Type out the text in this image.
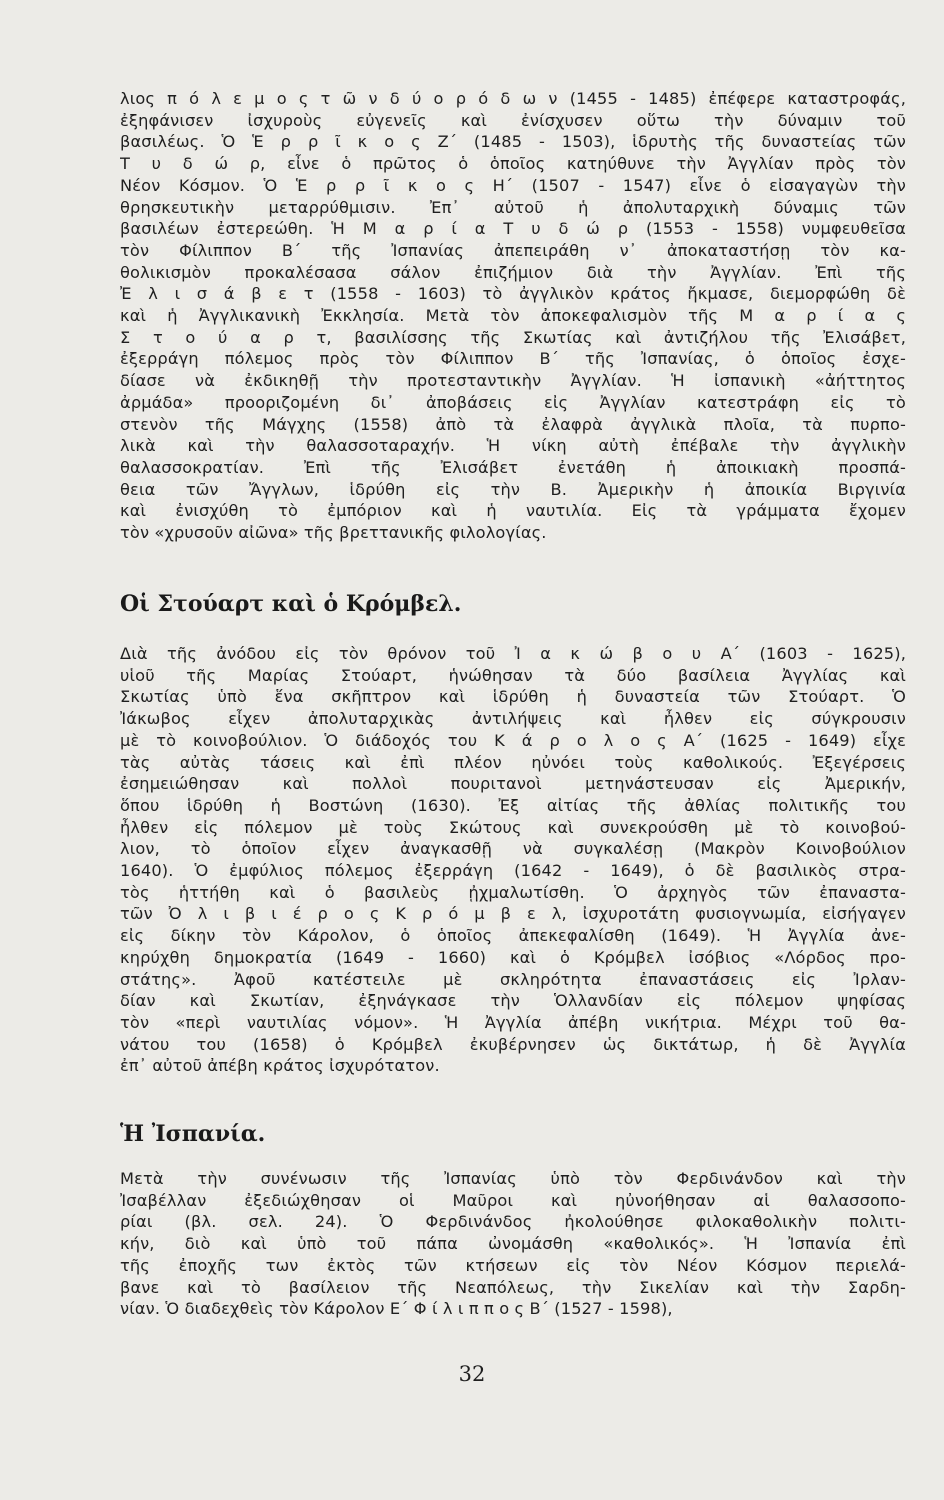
λιος π ό λ ε μ ο ς τ ῶ ν δ ύ ο ρ ό δ ω ν (1455 - 1485) ἐπέφερε καταστροφάς,
ἐξηφάνισεν ἰσχυροὺς εὐγενεῖς καὶ ἐνίσχυσεν οὕτω τὴν δύναμιν τοῦ
βασιλέως. Ὁ Ἑ ρ ρ ῖ κ ο ς Ζ΄ (1485 - 1503), ἱδρυτὴς τῆς δυναστείας τῶν
Τ υ δ ώ ρ, εἶνε ὁ πρῶτος ὁ ὁποῖος κατηύθυνε τὴν Ἀγγλίαν πρὸς τὸν
Νέον Κόσμον. Ὁ Ἑ ρ ρ ῖ κ ο ς Η΄ (1507 - 1547) εἶνε ὁ εἰσαγαγὼν τὴν
θρησκευτικὴν μεταρρύθμισιν. Ἐπ᾽ αὐτοῦ ἡ ἀπολυταρχικὴ δύναμις τῶν
βασιλέων ἐστερεώθη. Ἡ Μ α ρ ί α Τ υ δ ώ ρ (1553 - 1558) νυμφευθεῖσα
τὸν Φίλιππον Β΄ τῆς Ἰσπανίας ἀπεπειράθη ν᾽ ἀποκαταστήσῃ τὸν κα-
θολικισμὸν προκαλέσασα σάλον ἐπιζήμιον διὰ τὴν Ἀγγλίαν. Ἐπὶ τῆς
Ἐ λ ι σ ά β ε τ (1558 - 1603) τὸ ἀγγλικὸν κράτος ἤκμασε, διεμορφώθη δὲ
καὶ ἡ Ἀγγλικανικὴ Ἐκκλησία. Μετὰ τὸν ἀποκεφαλισμὸν τῆς Μ α ρ ί α ς
Σ τ ο ύ α ρ τ, βασιλίσσης τῆς Σκωτίας καὶ ἀντιζήλου τῆς Ἐλισάβετ,
ἐξερράγη πόλεμος πρὸς τὸν Φίλιππον Β΄ τῆς Ἰσπανίας, ὁ ὁποῖος ἐσχε-
δίασε νὰ ἐκδικηθῇ τὴν προτεσταντικὴν Ἀγγλίαν. Ἡ ἰσπανικὴ «ἀήττητος
ἀρμάδα» προοριζομένη δι᾽ ἀποβάσεις εἰς Ἀγγλίαν κατεστράφη εἰς τὸ
στενὸν τῆς Μάγχης (1558) ἀπὸ τὰ ἐλαφρὰ ἀγγλικὰ πλοῖα, τὰ πυρπο-
λικὰ καὶ τὴν θαλασσοταραχήν. Ἡ νίκη αὐτὴ ἐπέβαλε τὴν ἀγγλικὴν
θαλασσοκρατίαν. Ἐπὶ τῆς Ἐλισάβετ ἐνετάθη ἡ ἀποικιακὴ προσπά-
θεια τῶν Ἄγγλων, ἱδρύθη εἰς τὴν Β. Ἀμερικὴν ἡ ἀποικία Βιργινία
καὶ ἐνισχύθη τὸ ἐμπόριον καὶ ἡ ναυτιλία. Εἰς τὰ γράμματα ἔχομεν
τὸν «χρυσοῦν αἰῶνα» τῆς βρεττανικῆς φιλολογίας.
Οἱ Στούαρτ καὶ ὁ Κρόμβελ.
Διὰ τῆς ἀνόδου εἰς τὸν θρόνον τοῦ Ἰ α κ ώ β ο υ Α΄ (1603 - 1625),
υἱοῦ τῆς Μαρίας Στούαρτ, ἡνώθησαν τὰ δύο βασίλεια Ἀγγλίας καὶ
Σκωτίας ὑπὸ ἕνα σκῆπτρον καὶ ἱδρύθη ἡ δυναστεία τῶν Στούαρτ. Ὁ
Ἰάκωβος εἶχεν ἀπολυταρχικὰς ἀντιλήψεις καὶ ἦλθεν εἰς σύγκρουσιν
μὲ τὸ κοινοβούλιον. Ὁ διάδοχός του Κ ά ρ ο λ ο ς Α΄ (1625 - 1649) εἶχε
τὰς αὐτὰς τάσεις καὶ ἐπὶ πλέον ηὐνόει τοὺς καθολικούς. Ἐξεγέρσεις
ἐσημειώθησαν καὶ πολλοὶ πουριτανοὶ μετηνάστευσαν εἰς Ἀμερικήν,
ὅπου ἱδρύθη ἡ Βοστώνη (1630). Ἐξ αἰτίας τῆς ἀθλίας πολιτικῆς του
ἦλθεν εἰς πόλεμον μὲ τοὺς Σκώτους καὶ συνεκρούσθη μὲ τὸ κοινοβού-
λιον, τὸ ὁποῖον εἶχεν ἀναγκασθῇ νὰ συγκαλέσῃ (Μακρὸν Κοινοβούλιον
1640). Ὁ ἐμφύλιος πόλεμος ἐξερράγη (1642 - 1649), ὁ δὲ βασιλικὸς στρα-
τὸς ἡττήθη καὶ ὁ βασιλεὺς ᾐχμαλωτίσθη. Ὁ ἀρχηγὸς τῶν ἐπαναστα-
τῶν Ὀ λ ι β ι έ ρ ο ς Κ ρ ό μ β ε λ, ἰσχυροτάτη φυσιογνωμία, εἰσήγαγεν
εἰς δίκην τὸν Κάρολον, ὁ ὁποῖος ἀπεκεφαλίσθη (1649). Ἡ Ἀγγλία ἀνε-
κηρύχθη δημοκρατία (1649 - 1660) καὶ ὁ Κρόμβελ ἰσόβιος «Λόρδος προ-
στάτης». Ἀφοῦ κατέστειλε μὲ σκληρότητα ἐπαναστάσεις εἰς Ἰρλαν-
δίαν καὶ Σκωτίαν, ἐξηνάγκασε τὴν Ὁλλανδίαν εἰς πόλεμον ψηφίσας
τὸν «περὶ ναυτιλίας νόμον». Ἡ Ἀγγλία ἀπέβη νικήτρια. Μέχρι τοῦ θα-
νάτου του (1658) ὁ Κρόμβελ ἐκυβέρνησεν ὡς δικτάτωρ, ἡ δὲ Ἀγγλία
ἐπ᾽ αὐτοῦ ἀπέβη κράτος ἰσχυρότατον.
Ἡ Ἰσπανία.
Μετὰ τὴν συνένωσιν τῆς Ἰσπανίας ὑπὸ τὸν Φερδινάνδον καὶ τὴν
Ἰσαβέλλαν ἐξεδιώχθησαν οἱ Μαῦροι καὶ ηὐνοήθησαν αἱ θαλασσοπο-
ρίαι (βλ. σελ. 24). Ὁ Φερδινάνδος ἠκολούθησε φιλοκαθολικὴν πολιτι-
κήν, διὸ καὶ ὑπὸ τοῦ πάπα ὠνομάσθη «καθολικός». Ἡ Ἰσπανία ἐπὶ
τῆς ἐποχῆς των ἐκτὸς τῶν κτήσεων εἰς τὸν Νέον Κόσμον περιελά-
βανε καὶ τὸ βασίλειον τῆς Νεαπόλεως, τὴν Σικελίαν καὶ τὴν Σαρδη-
νίαν. Ὁ διαδεχθεὶς τὸν Κάρολον Ε΄ Φ ί λ ι π π ο ς Β΄ (1527 - 1598),
32
